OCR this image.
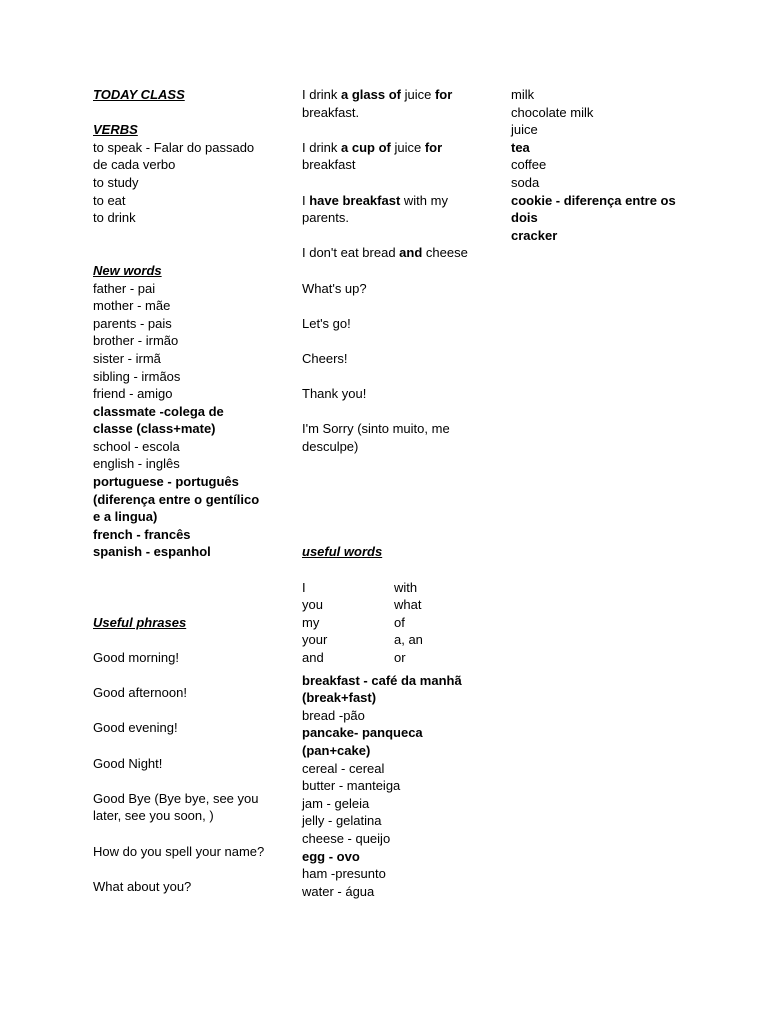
TODAY CLASS
VERBS
to speak - Falar do passado de cada verbo
to study
to eat
to drink
New words
father - pai
mother - mãe
parents - pais
brother - irmão
sister - irmã
sibling - irmãos
friend - amigo
classmate -colega de classe (class+mate)
school - escola
english - inglês
portuguese - português (diferença entre o gentílico e a lingua)
french - francês
spanish - espanhol
Useful phrases
Good morning!
Good afternoon!
Good evening!
Good Night!
Good Bye (Bye bye, see you later, see you soon, )
How do you spell your name?
What about you?
I drink a glass of juice for breakfast.
I drink a cup of juice for breakfast
I have breakfast with my parents.
I don't eat bread and cheese
What's up?
Let's go!
Cheers!
Thank you!
I'm Sorry (sinto muito, me desculpe)
useful words
I	with
you	what
my	of
your	a, an
and	or
breakfast - café da manhã (break+fast)
bread -pão
pancake- panqueca (pan+cake)
cereal - cereal
butter - manteiga
jam - geleia
jelly - gelatina
cheese - queijo
egg - ovo
ham -presunto
water - água
milk
chocolate milk
juice
tea
coffee
soda
cookie - diferença entre os dois
cracker
